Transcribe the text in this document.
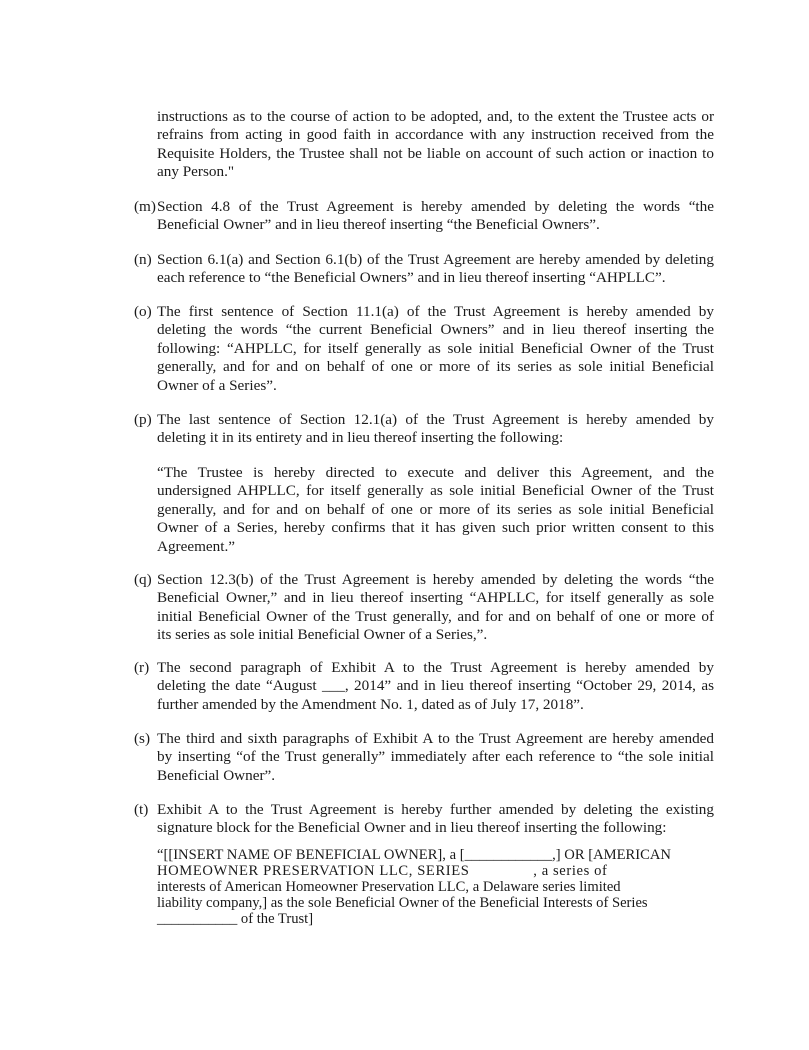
instructions as to the course of action to be adopted, and, to the extent the Trustee acts or
refrains from acting in good faith in accordance with any instruction received from the
Requisite Holders, the Trustee shall not be liable on account of such action or inaction to
any Person."
(m) Section 4.8 of the Trust Agreement is hereby amended by deleting the words “the
Beneficial Owner” and in lieu thereof inserting “the Beneficial Owners”.
(n) Section 6.1(a) and Section 6.1(b) of the Trust Agreement are hereby amended by deleting
each reference to “the Beneficial Owners” and in lieu thereof inserting “AHPLLC”.
(o) The first sentence of Section 11.1(a) of the Trust Agreement is hereby amended by
deleting the words “the current Beneficial Owners” and in lieu thereof inserting the
following: “AHPLLC, for itself generally as sole initial Beneficial Owner of the Trust
generally, and for and on behalf of one or more of its series as sole initial Beneficial
Owner of a Series”.
(p) The last sentence of Section 12.1(a) of the Trust Agreement is hereby amended by
deleting it in its entirety and in lieu thereof inserting the following:
“The Trustee is hereby directed to execute and deliver this Agreement, and the
undersigned AHPLLC, for itself generally as sole initial Beneficial Owner of the Trust
generally, and for and on behalf of one or more of its series as sole initial Beneficial
Owner of a Series, hereby confirms that it has given such prior written consent to this
Agreement.”
(q) Section 12.3(b) of the Trust Agreement is hereby amended by deleting the words “the
Beneficial Owner,” and in lieu thereof inserting “AHPLLC, for itself generally as sole
initial Beneficial Owner of the Trust generally, and for and on behalf of one or more of
its series as sole initial Beneficial Owner of a Series,”.
(r) The second paragraph of Exhibit A to the Trust Agreement is hereby amended by
deleting the date “August ___, 2014” and in lieu thereof inserting “October 29, 2014, as
further amended by the Amendment No. 1, dated as of July 17, 2018”.
(s) The third and sixth paragraphs of Exhibit A to the Trust Agreement are hereby amended
by inserting “of the Trust generally” immediately after each reference to “the sole initial
Beneficial Owner”.
(t) Exhibit A to the Trust Agreement is hereby further amended by deleting the existing
signature block for the Beneficial Owner and in lieu thereof inserting the following:
“[[INSERT NAME OF BENEFICIAL OWNER], a [____________,] OR [AMERICAN
HOMEOWNER PRESERVATION LLC, SERIES               , a series of
interests of American Homeowner Preservation LLC, a Delaware series limited
liability company,] as the sole Beneficial Owner of the Beneficial Interests of Series
___________ of the Trust]
